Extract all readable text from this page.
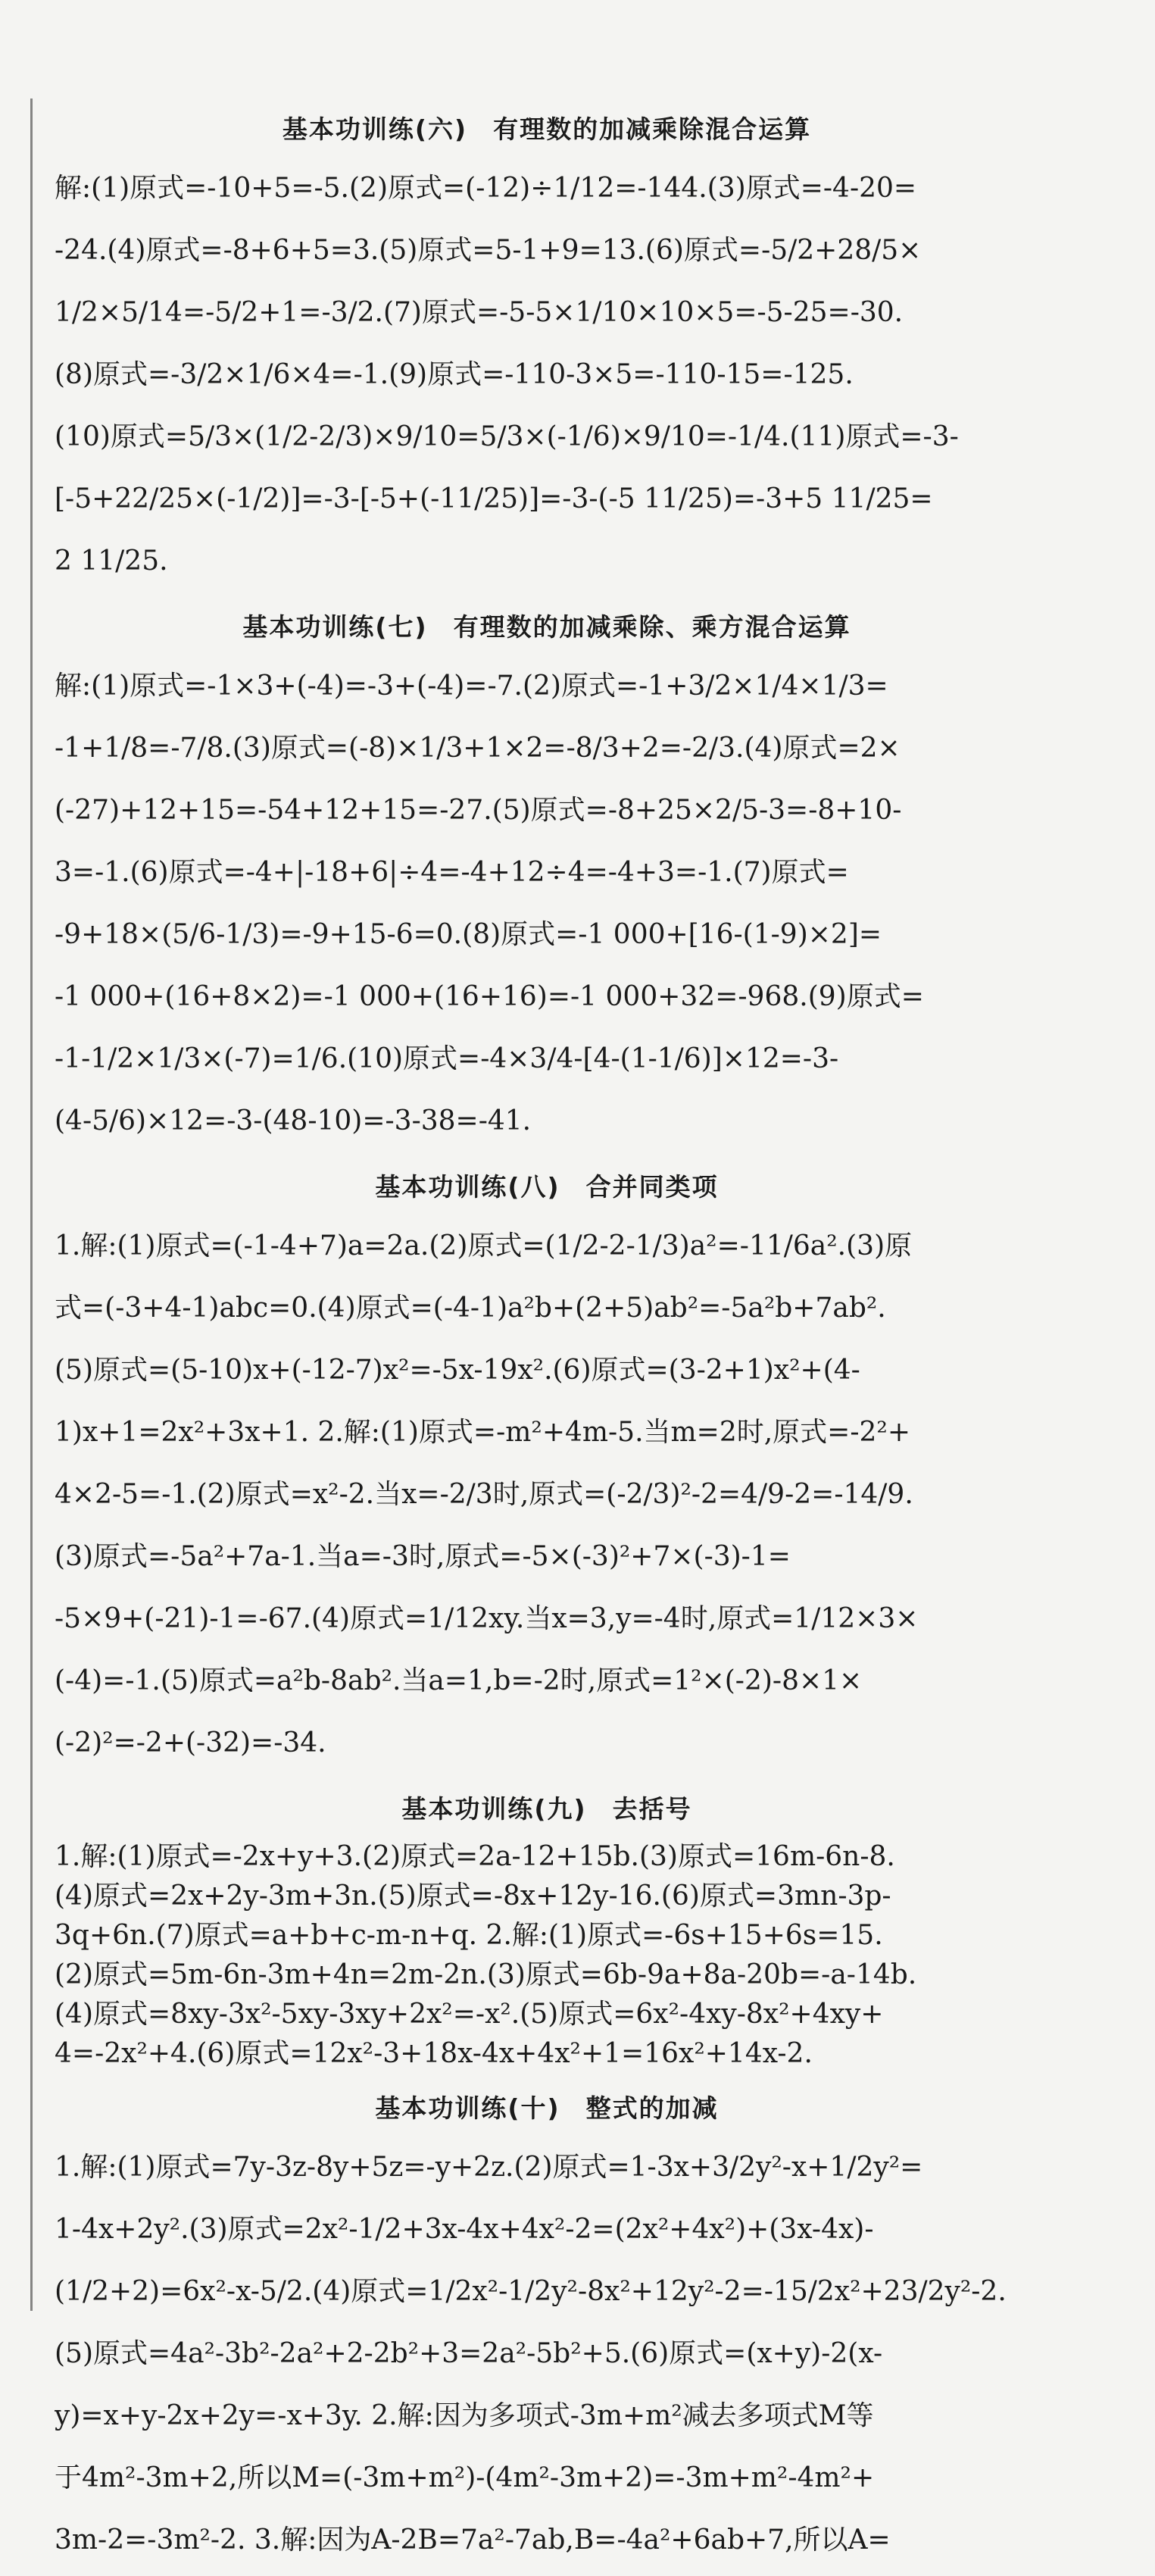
基本功训练(六) 有理数的加减乘除混合运算
解:(1)原式=-10+5=-5.(2)原式=(-12)÷1/12=-144.(3)原式=-4-20=
-24.(4)原式=-8+6+5=3.(5)原式=5-1+9=13.(6)原式=-5/2+28/5×
1/2×5/14=-5/2+1=-3/2.(7)原式=-5-5×1/10×10×5=-5-25=-30.
(8)原式=-3/2×1/6×4=-1.(9)原式=-110-3×5=-110-15=-125.
(10)原式=5/3×(1/2-2/3)×9/10=5/3×(-1/6)×9/10=-1/4.(11)原式=-3-
[-5+22/25×(-1/2)]=-3-[-5+(-11/25)]=-3-(-5 11/25)=-3+5 11/25=
2 11/25.
基本功训练(七) 有理数的加减乘除、乘方混合运算
解:(1)原式=-1×3+(-4)=-3+(-4)=-7.(2)原式=-1+3/2×1/4×1/3=
-1+1/8=-7/8.(3)原式=(-8)×1/3+1×2=-8/3+2=-2/3.(4)原式=2×
(-27)+12+15=-54+12+15=-27.(5)原式=-8+25×2/5-3=-8+10-
3=-1.(6)原式=-4+|-18+6|÷4=-4+12÷4=-4+3=-1.(7)原式=
-9+18×(5/6-1/3)=-9+15-6=0.(8)原式=-1 000+[16-(1-9)×2]=
-1 000+(16+8×2)=-1 000+(16+16)=-1 000+32=-968.(9)原式=
-1-1/2×1/3×(-7)=1/6.(10)原式=-4×3/4-[4-(1-1/6)]×12=-3-
(4-5/6)×12=-3-(48-10)=-3-38=-41.
基本功训练(八) 合并同类项
1.解:(1)原式=(-1-4+7)a=2a.(2)原式=(1/2-2-1/3)a²=-11/6a².(3)原
式=(-3+4-1)abc=0.(4)原式=(-4-1)a²b+(2+5)ab²=-5a²b+7ab².
(5)原式=(5-10)x+(-12-7)x²=-5x-19x².(6)原式=(3-2+1)x²+(4-
1)x+1=2x²+3x+1. 2.解:(1)原式=-m²+4m-5.当m=2时,原式=-2²+
4×2-5=-1.(2)原式=x²-2.当x=-2/3时,原式=(-2/3)²-2=4/9-2=-14/9.
(3)原式=-5a²+7a-1.当a=-3时,原式=-5×(-3)²+7×(-3)-1=
-5×9+(-21)-1=-67.(4)原式=1/12xy.当x=3,y=-4时,原式=1/12×3×
(-4)=-1.(5)原式=a²b-8ab².当a=1,b=-2时,原式=1²×(-2)-8×1×
(-2)²=-2+(-32)=-34.
基本功训练(九) 去括号
1.解:(1)原式=-2x+y+3.(2)原式=2a-12+15b.(3)原式=16m-6n-8.
(4)原式=2x+2y-3m+3n.(5)原式=-8x+12y-16.(6)原式=3mn-3p-
3q+6n.(7)原式=a+b+c-m-n+q. 2.解:(1)原式=-6s+15+6s=15.
(2)原式=5m-6n-3m+4n=2m-2n.(3)原式=6b-9a+8a-20b=-a-14b.
(4)原式=8xy-3x²-5xy-3xy+2x²=-x².(5)原式=6x²-4xy-8x²+4xy+
4=-2x²+4.(6)原式=12x²-3+18x-4x+4x²+1=16x²+14x-2.
基本功训练(十) 整式的加减
1.解:(1)原式=7y-3z-8y+5z=-y+2z.(2)原式=1-3x+3/2y²-x+1/2y²=
1-4x+2y².(3)原式=2x²-1/2+3x-4x+4x²-2=(2x²+4x²)+(3x-4x)-
(1/2+2)=6x²-x-5/2.(4)原式=1/2x²-1/2y²-8x²+12y²-2=-15/2x²+23/2y²-2.
(5)原式=4a²-3b²-2a²+2-2b²+3=2a²-5b²+5.(6)原式=(x+y)-2(x-
y)=x+y-2x+2y=-x+3y. 2.解:因为多项式-3m+m²减去多项式M等
于4m²-3m+2,所以M=(-3m+m²)-(4m²-3m+2)=-3m+m²-4m²+
3m-2=-3m²-2. 3.解:因为A-2B=7a²-7ab,B=-4a²+6ab+7,所以A=
